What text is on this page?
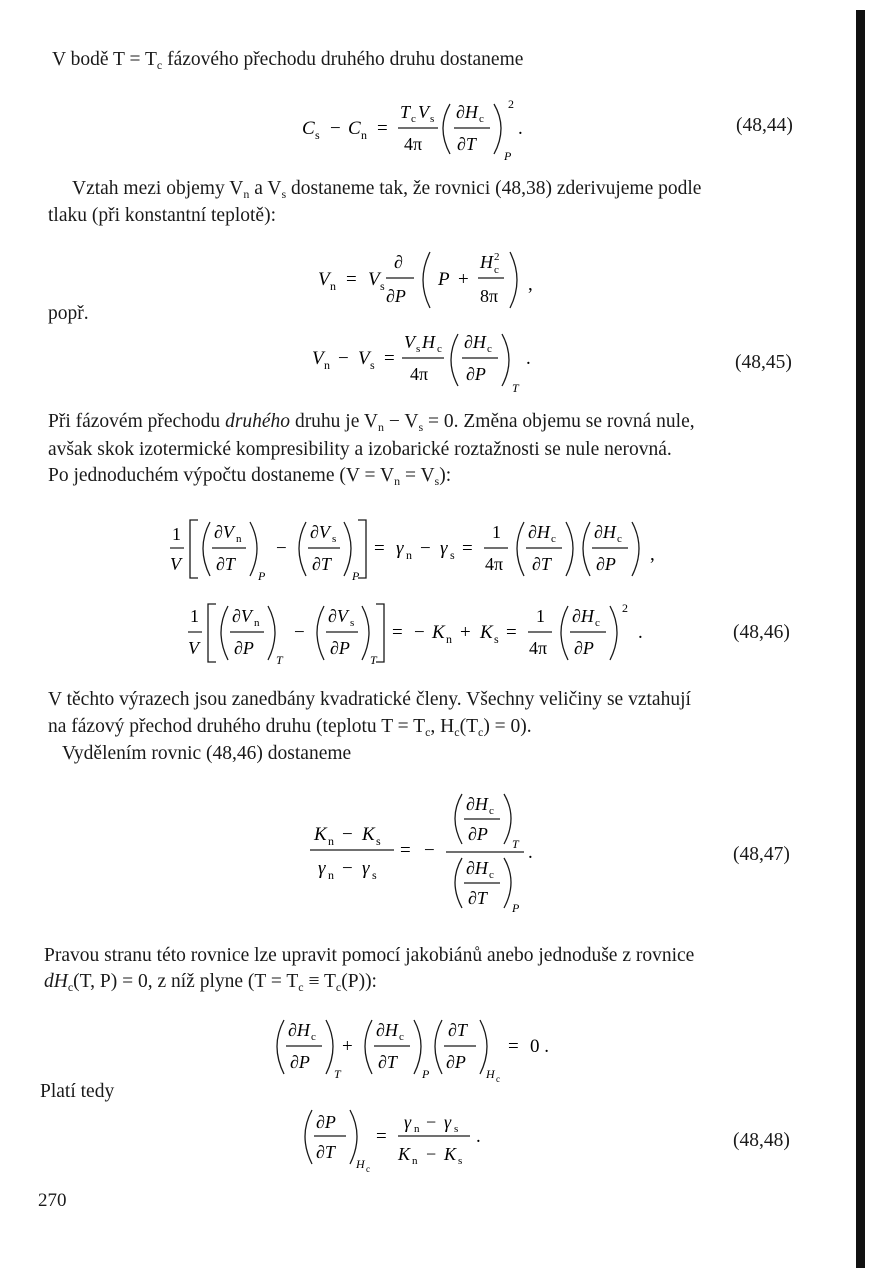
V bodě $T = T_c$ fázového přechodu druhého druhu dostaneme
C s − C n =
T c V s
4π
∂H c
∂T
2
P
.	(48,44)
Vztah mezi objemy $V_n$ a $V_s$ dostaneme tak, že rovnici (48,38) zderivujeme podle
tlaku (při konstantní teplotě):
V n = V s
∂
∂P
P +
H 2
c
8π
,
popř.
V n − V s =
V s H c
4π
∂H c
∂P
T
.	(48,45)
Při fázovém přechodu druhého druhu je $V_n - V_s = 0$. Změna objemu se rovná nule,
avšak skok izotermické kompresibility a izobarické roztažnosti se nule nerovná.
Po jednoduchém výpočtu dostaneme $(V = V_n = V_s)$:
1
V
∂V n
∂T
P
−
∂V s
∂T
P
= γ n − γ s =
1
4π
∂H c
∂T
∂H c
∂P ,
1
V
∂V n
∂P
T
−
∂V s
∂P
T
= − K n + K s =
1
4π
∂H c
∂P
2
.	(48,46)
V těchto výrazech jsou zanedbány kvadratické členy. Všechny veličiny se vztahují
na fázový přechod druhého druhu (teplotu $T = T_c$, $H_c(T_c) = 0$).
Vydělením rovnic (48,46) dostaneme
K n − K s
γ n − γ s
= −
∂H c
∂P T
∂H c
∂T P
.	(48,47)
Pravou stranu této rovnice lze upravit pomocí jakobiánů anebo jednoduše z rovnice
$dH_c(T$, P) = 0, z níž plyne $(T = T_c \equiv T_c(P))$:
∂H c
∂P
T
+
∂H c
∂T
P
∂T
∂P
H c
= 0 .
Platí tedy
∂P
∂T
H c
=
γ n − γ s
K n − K s
.	(48,48)
270
